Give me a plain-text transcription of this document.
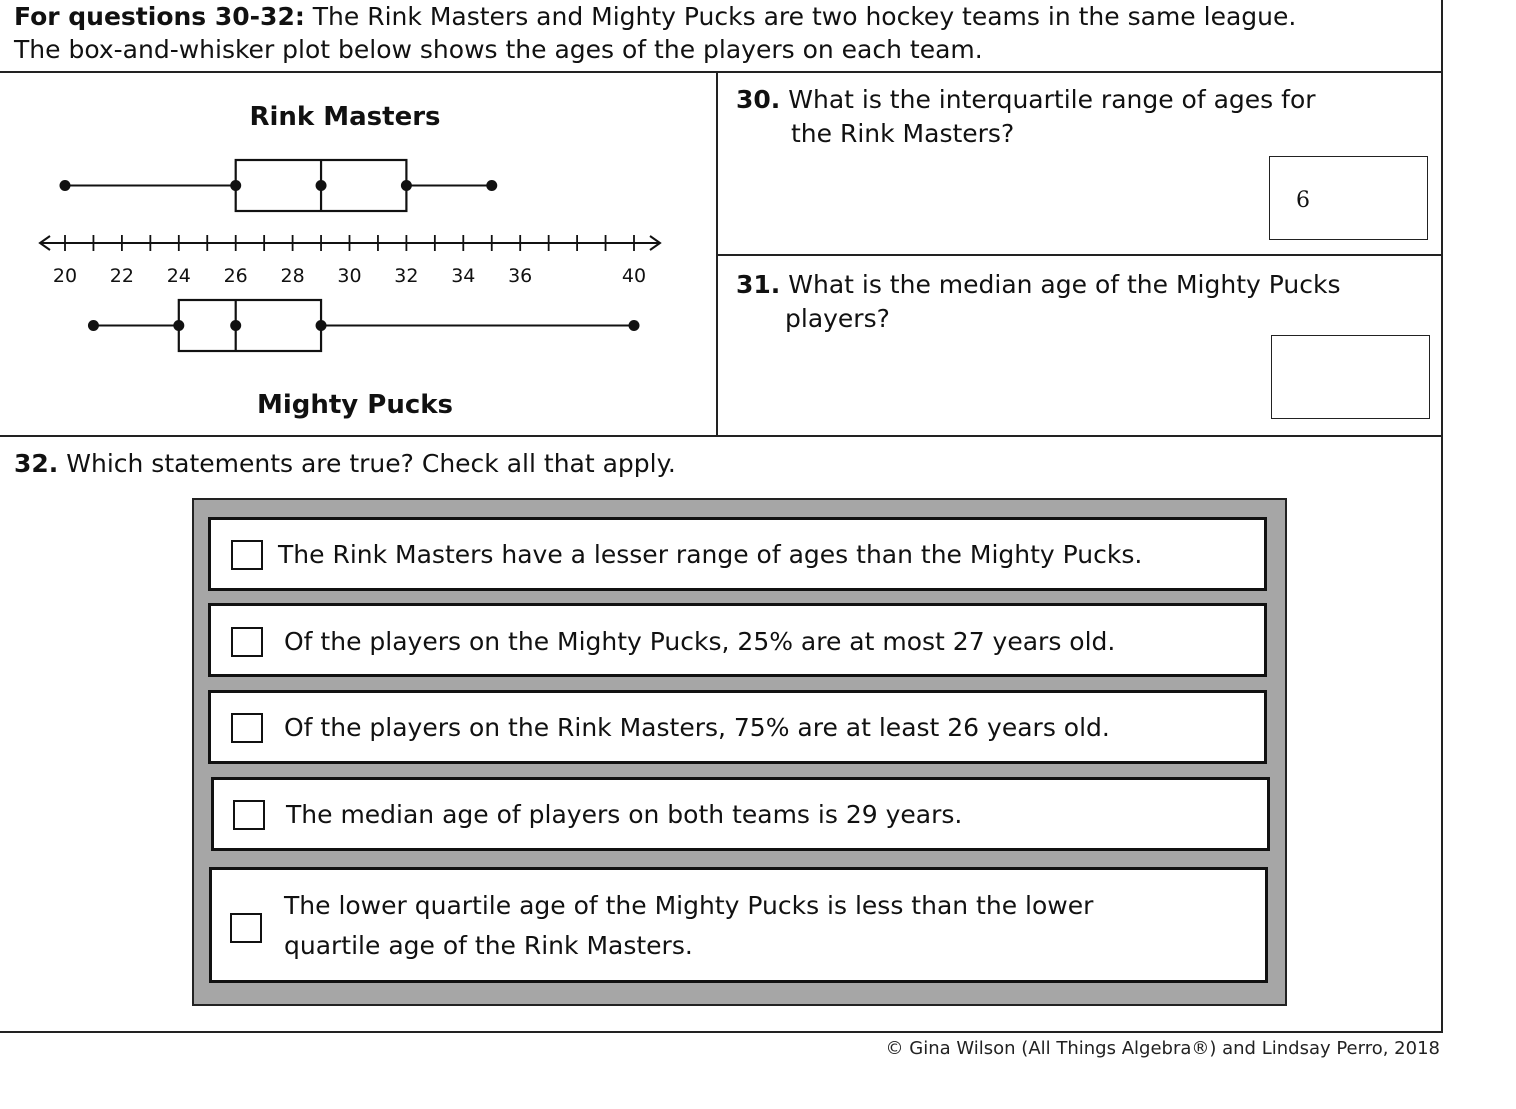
For questions 30-32: The Rink Masters and Mighty Pucks are two hockey teams in the same league.
The box-and-whisker plot below shows the ages of the players on each team.
Rink Masters
Mighty Pucks
20 22 24 26 28 30 32 34 36	40
30. What is the interquartile range of ages for
the Rink Masters?
6
31. What is the median age of the Mighty Pucks
players?
32. Which statements are true? Check all that apply.
The Rink Masters have a lesser range of ages than the Mighty Pucks.
Of the players on the Mighty Pucks, 25% are at most 27 years old.
Of the players on the Rink Masters, 75% are at least 26 years old.
The median age of players on both teams is 29 years.
The lower quartile age of the Mighty Pucks is less than the lower
quartile age of the Rink Masters.
© Gina Wilson (All Things Algebra®) and Lindsay Perro, 2018
